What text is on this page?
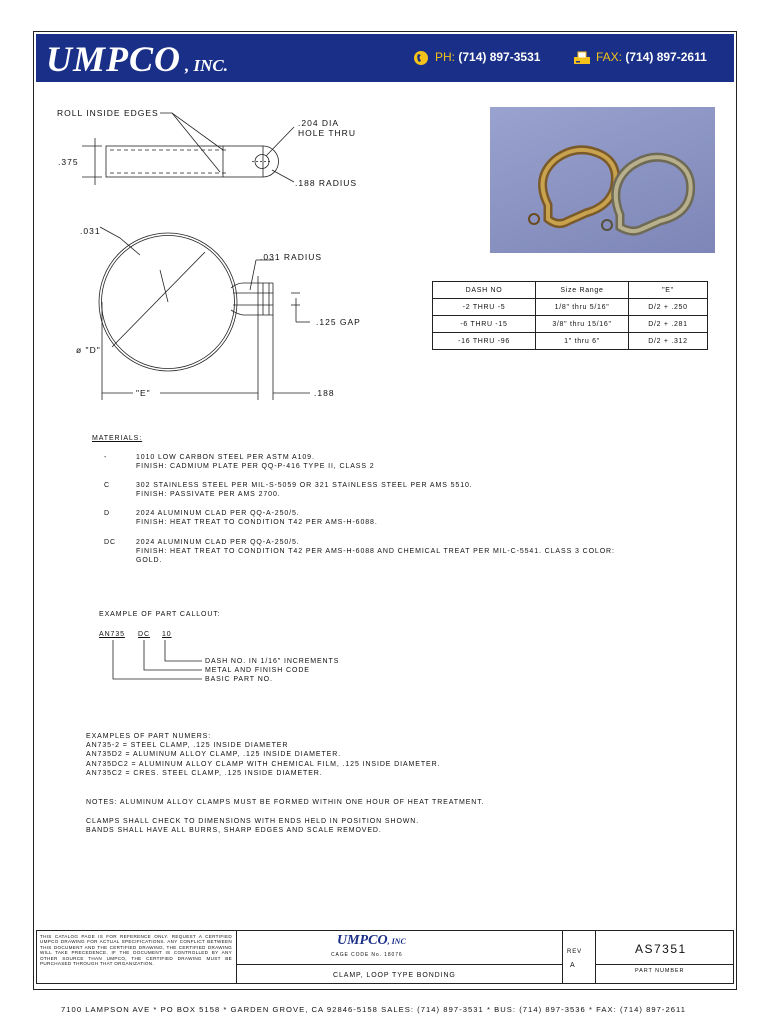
UMPCO , INC.	PH: (714) 897-3531	FAX: (714) 897-2611
ROLL INSIDE EDGES
.204 DIA
HOLE THRU
.375
.188 RADIUS
.031
.031 RADIUS
.125 GAP
ø "D"
"E"	.188
DASH NO	Size Range	"E"
-2 THRU -5	1/8" thru 5/16"	D/2 + .250
-6 THRU -15	3/8" thru 15/16"	D/2 + .281
-16 THRU -96	1" thru 6"	D/2 + .312
MATERIALS:
-	1010 LOW CARBON STEEL PER ASTM A109.
FINISH: CADMIUM PLATE PER QQ-P-416 TYPE II, CLASS 2
C	302 STAINLESS STEEL PER MIL-S-5059 OR 321 STAINLESS STEEL PER AMS 5510.
FINISH: PASSIVATE PER AMS 2700.
D	2024 ALUMINUM CLAD PER QQ-A-250/5.
FINISH: HEAT TREAT TO CONDITION T42 PER AMS-H-6088.
DC	2024 ALUMINUM CLAD PER QQ-A-250/5.
FINISH: HEAT TREAT TO CONDITION T42 PER AMS-H-6088 AND CHEMICAL TREAT PER MIL-C-5541. CLASS 3 COLOR:
GOLD.
EXAMPLE OF PART CALLOUT:
AN735 DC 10
DASH NO. IN 1/16" INCREMENTS
METAL AND FINISH CODE
BASIC PART NO.
EXAMPLES OF PART NUMERS:
AN735-2 = STEEL CLAMP, .125 INSIDE DIAMETER
AN735D2 = ALUMINUM ALLOY CLAMP, .125 INSIDE DIAMETER.
AN735DC2 = ALUMINUM ALLOY CLAMP WITH CHEMICAL FILM, .125 INSIDE DIAMETER.
AN735C2 = CRES. STEEL CLAMP, .125 INSIDE DIAMETER.
NOTES: ALUMINUM ALLOY CLAMPS MUST BE FORMED WITHIN ONE HOUR OF HEAT TREATMENT.
CLAMPS SHALL CHECK TO DIMENSIONS WITH ENDS HELD IN POSITION SHOWN.
BANDS SHALL HAVE ALL BURRS, SHARP EDGES AND SCALE REMOVED.
THIS CATALOG PAGE IS FOR REFERENCE ONLY. REQUEST A CERTIFIED UMPCO DRAWING FOR ACTUAL SPECIFICATIONS. ANY CONFLICT BETWEEN THIS DOCUMENT AND THE CERTIFIED DRAWING, THE CERTIFIED DRAWING WILL TAKE PRECEDENCE. IF THE DOCUMENT IS CONTROLLED BY ANY OTHER SOURCE THAN UMPCO, THE CERTIFIED DRAWING MUST BE PURCHASED THROUGH THAT ORGANIZATION.
UMPCO, INC
CAGE CODE No. 18076
CLAMP, LOOP TYPE BONDING
REV
A
AS7351
PART NUMBER
7100 LAMPSON AVE * PO BOX 5158 * GARDEN GROVE, CA 92846-5158 SALES: (714) 897-3531 * BUS: (714) 897-3536 * FAX: (714) 897-2611
